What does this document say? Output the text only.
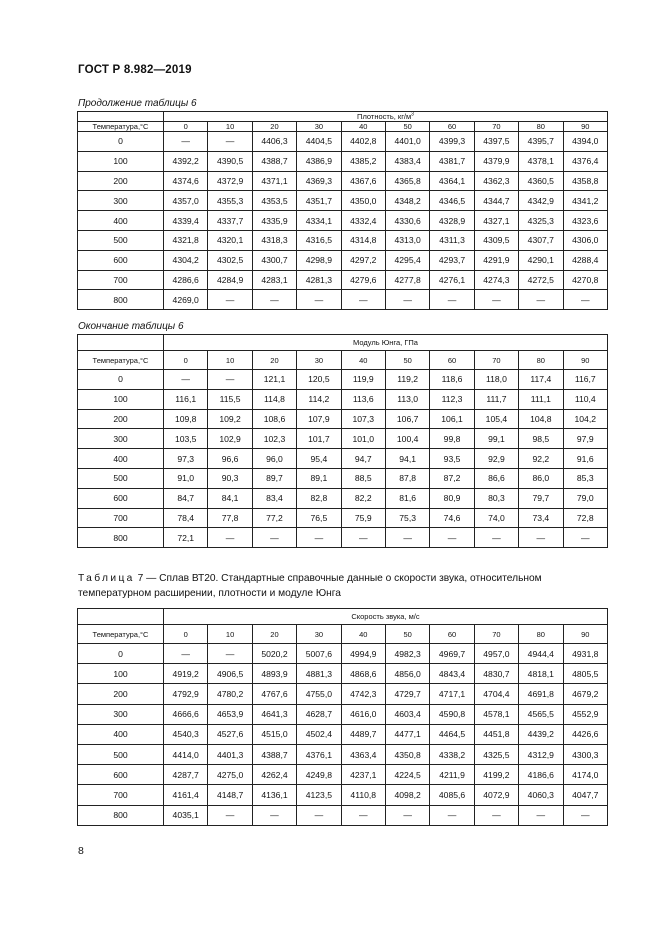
ГОСТ Р 8.982—2019
Продолжение таблицы 6
	Плотность, $кг/м^3$
Температура,°С	0	10	20	30	40	50	60	70	80	90
0	—	—	4406,3	4404,5	4402,8	4401,0	4399,3	4397,5	4395,7	4394,0
100	4392,2	4390,5	4388,7	4386,9	4385,2	4383,4	4381,7	4379,9	4378,1	4376,4
200	4374,6	4372,9	4371,1	4369,3	4367,6	4365,8	4364,1	4362,3	4360,5	4358,8
300	4357,0	4355,3	4353,5	4351,7	4350,0	4348,2	4346,5	4344,7	4342,9	4341,2
400	4339,4	4337,7	4335,9	4334,1	4332,4	4330,6	4328,9	4327,1	4325,3	4323,6
500	4321,8	4320,1	4318,3	4316,5	4314,8	4313,0	4311,3	4309,5	4307,7	4306,0
600	4304,2	4302,5	4300,7	4298,9	4297,2	4295,4	4293,7	4291,9	4290,1	4288,4
700	4286,6	4284,9	4283,1	4281,3	4279,6	4277,8	4276,1	4274,3	4272,5	4270,8
800	4269,0	—	—	—	—	—	—	—	—	—
Окончание таблицы 6
	Модуль Юнга, ГПа									
Температура,°С	0	10	20	30	40	50	60	70	80	90
0	—	—	121,1	120,5	119,9	119,2	118,6	118,0	117,4	116,7
100	116,1	115,5	114,8	114,2	113,6	113,0	112,3	111,7	111,1	110,4
200	109,8	109,2	108,6	107,9	107,3	106,7	106,1	105,4	104,8	104,2
300	103,5	102,9	102,3	101,7	101,0	100,4	99,8	99,1	98,5	97,9
400	97,3	96,6	96,0	95,4	94,7	94,1	93,5	92,9	92,2	91,6
500	91,0	90,3	89,7	89,1	88,5	87,8	87,2	86,6	86,0	85,3
600	84,7	84,1	83,4	82,8	82,2	81,6	80,9	80,3	79,7	79,0
700	78,4	77,8	77,2	76,5	75,9	75,3	74,6	74,0	73,4	72,8
800	72,1	—	—	—	—	—	—	—	—	—
Таблица 7 — Сплав ВТ20. Стандартные справочные данные о скорости звука, относительном температурном расширении, плотности и модуле Юнга
	Скорость звука, м/с									
Температура,°С	0	10	20	30	40	50	60	70	80	90
0	—	—	5020,2	5007,6	4994,9	4982,3	4969,7	4957,0	4944,4	4931,8
100	4919,2	4906,5	4893,9	4881,3	4868,6	4856,0	4843,4	4830,7	4818,1	4805,5
200	4792,9	4780,2	4767,6	4755,0	4742,3	4729,7	4717,1	4704,4	4691,8	4679,2
300	4666,6	4653,9	4641,3	4628,7	4616,0	4603,4	4590,8	4578,1	4565,5	4552,9
400	4540,3	4527,6	4515,0	4502,4	4489,7	4477,1	4464,5	4451,8	4439,2	4426,6
500	4414,0	4401,3	4388,7	4376,1	4363,4	4350,8	4338,2	4325,5	4312,9	4300,3
600	4287,7	4275,0	4262,4	4249,8	4237,1	4224,5	4211,9	4199,2	4186,6	4174,0
700	4161,4	4148,7	4136,1	4123,5	4110,8	4098,2	4085,6	4072,9	4060,3	4047,7
800	4035,1	—	—	—	—	—	—	—	—	—
8
